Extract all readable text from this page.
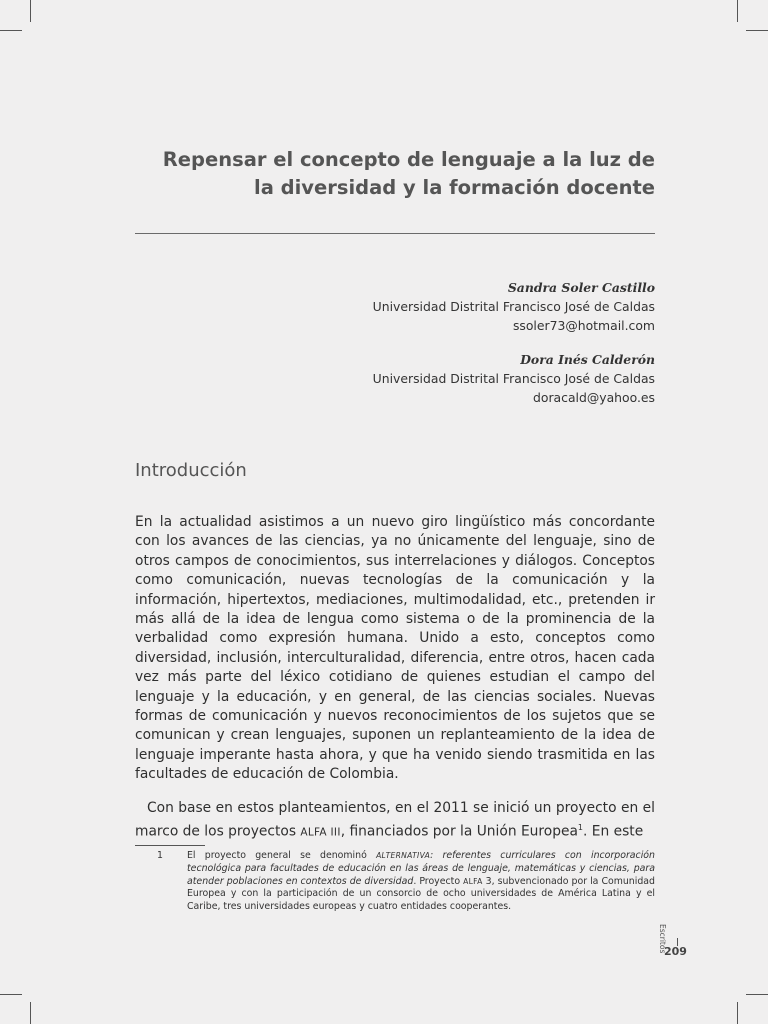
Repensar el concepto de lenguaje a la luz de
la diversidad y la formación docente
Sandra Soler Castillo
Universidad Distrital Francisco José de Caldas
ssoler73@hotmail.com
Dora Inés Calderón
Universidad Distrital Francisco José de Caldas
doracald@yahoo.es
Introducción

En la actualidad asistimos a un nuevo giro lingüístico más concordante con los avances de las ciencias, ya no únicamente del lenguaje, sino de otros campos de conocimientos, sus interrelaciones y diálogos. Conceptos como comunicación, nuevas tecnologías de la comunicación y la información, hipertextos, mediaciones, multimodalidad, etc., pretenden ir más allá de la idea de lengua como sistema o de la prominencia de la verbalidad como expresión humana. Unido a esto, conceptos como diversidad, inclusión, interculturalidad, diferencia, entre otros, hacen cada vez más parte del léxico cotidiano de quienes estudian el campo del lenguaje y la educación, y en general, de las ciencias sociales. Nuevas formas de comunicación y nuevos reconocimientos de los sujetos que se comunican y crean lenguajes, suponen un replanteamiento de la idea de lenguaje imperante hasta ahora, y que ha venido siendo trasmitida en las facultades de educación de Colombia.

Con base en estos planteamientos, en el 2011 se inició un proyecto en el marco de los proyectos ALFA III, financiados por la Unión Europea$^1$. En este

1	El proyecto general se denominó ALTERNATIVA: referentes curriculares con incorporación tecnológica para facultades de educación en las áreas de lenguaje, matemáticas y ciencias, para atender poblaciones en contextos de diversidad. Proyecto ALFA 3, subvencionado por la Comunidad Europea y con la participación de un consorcio de ocho universidades de América Latina y el Caribe, tres universidades europeas y cuatro entidades cooperantes.
Escritos
209
